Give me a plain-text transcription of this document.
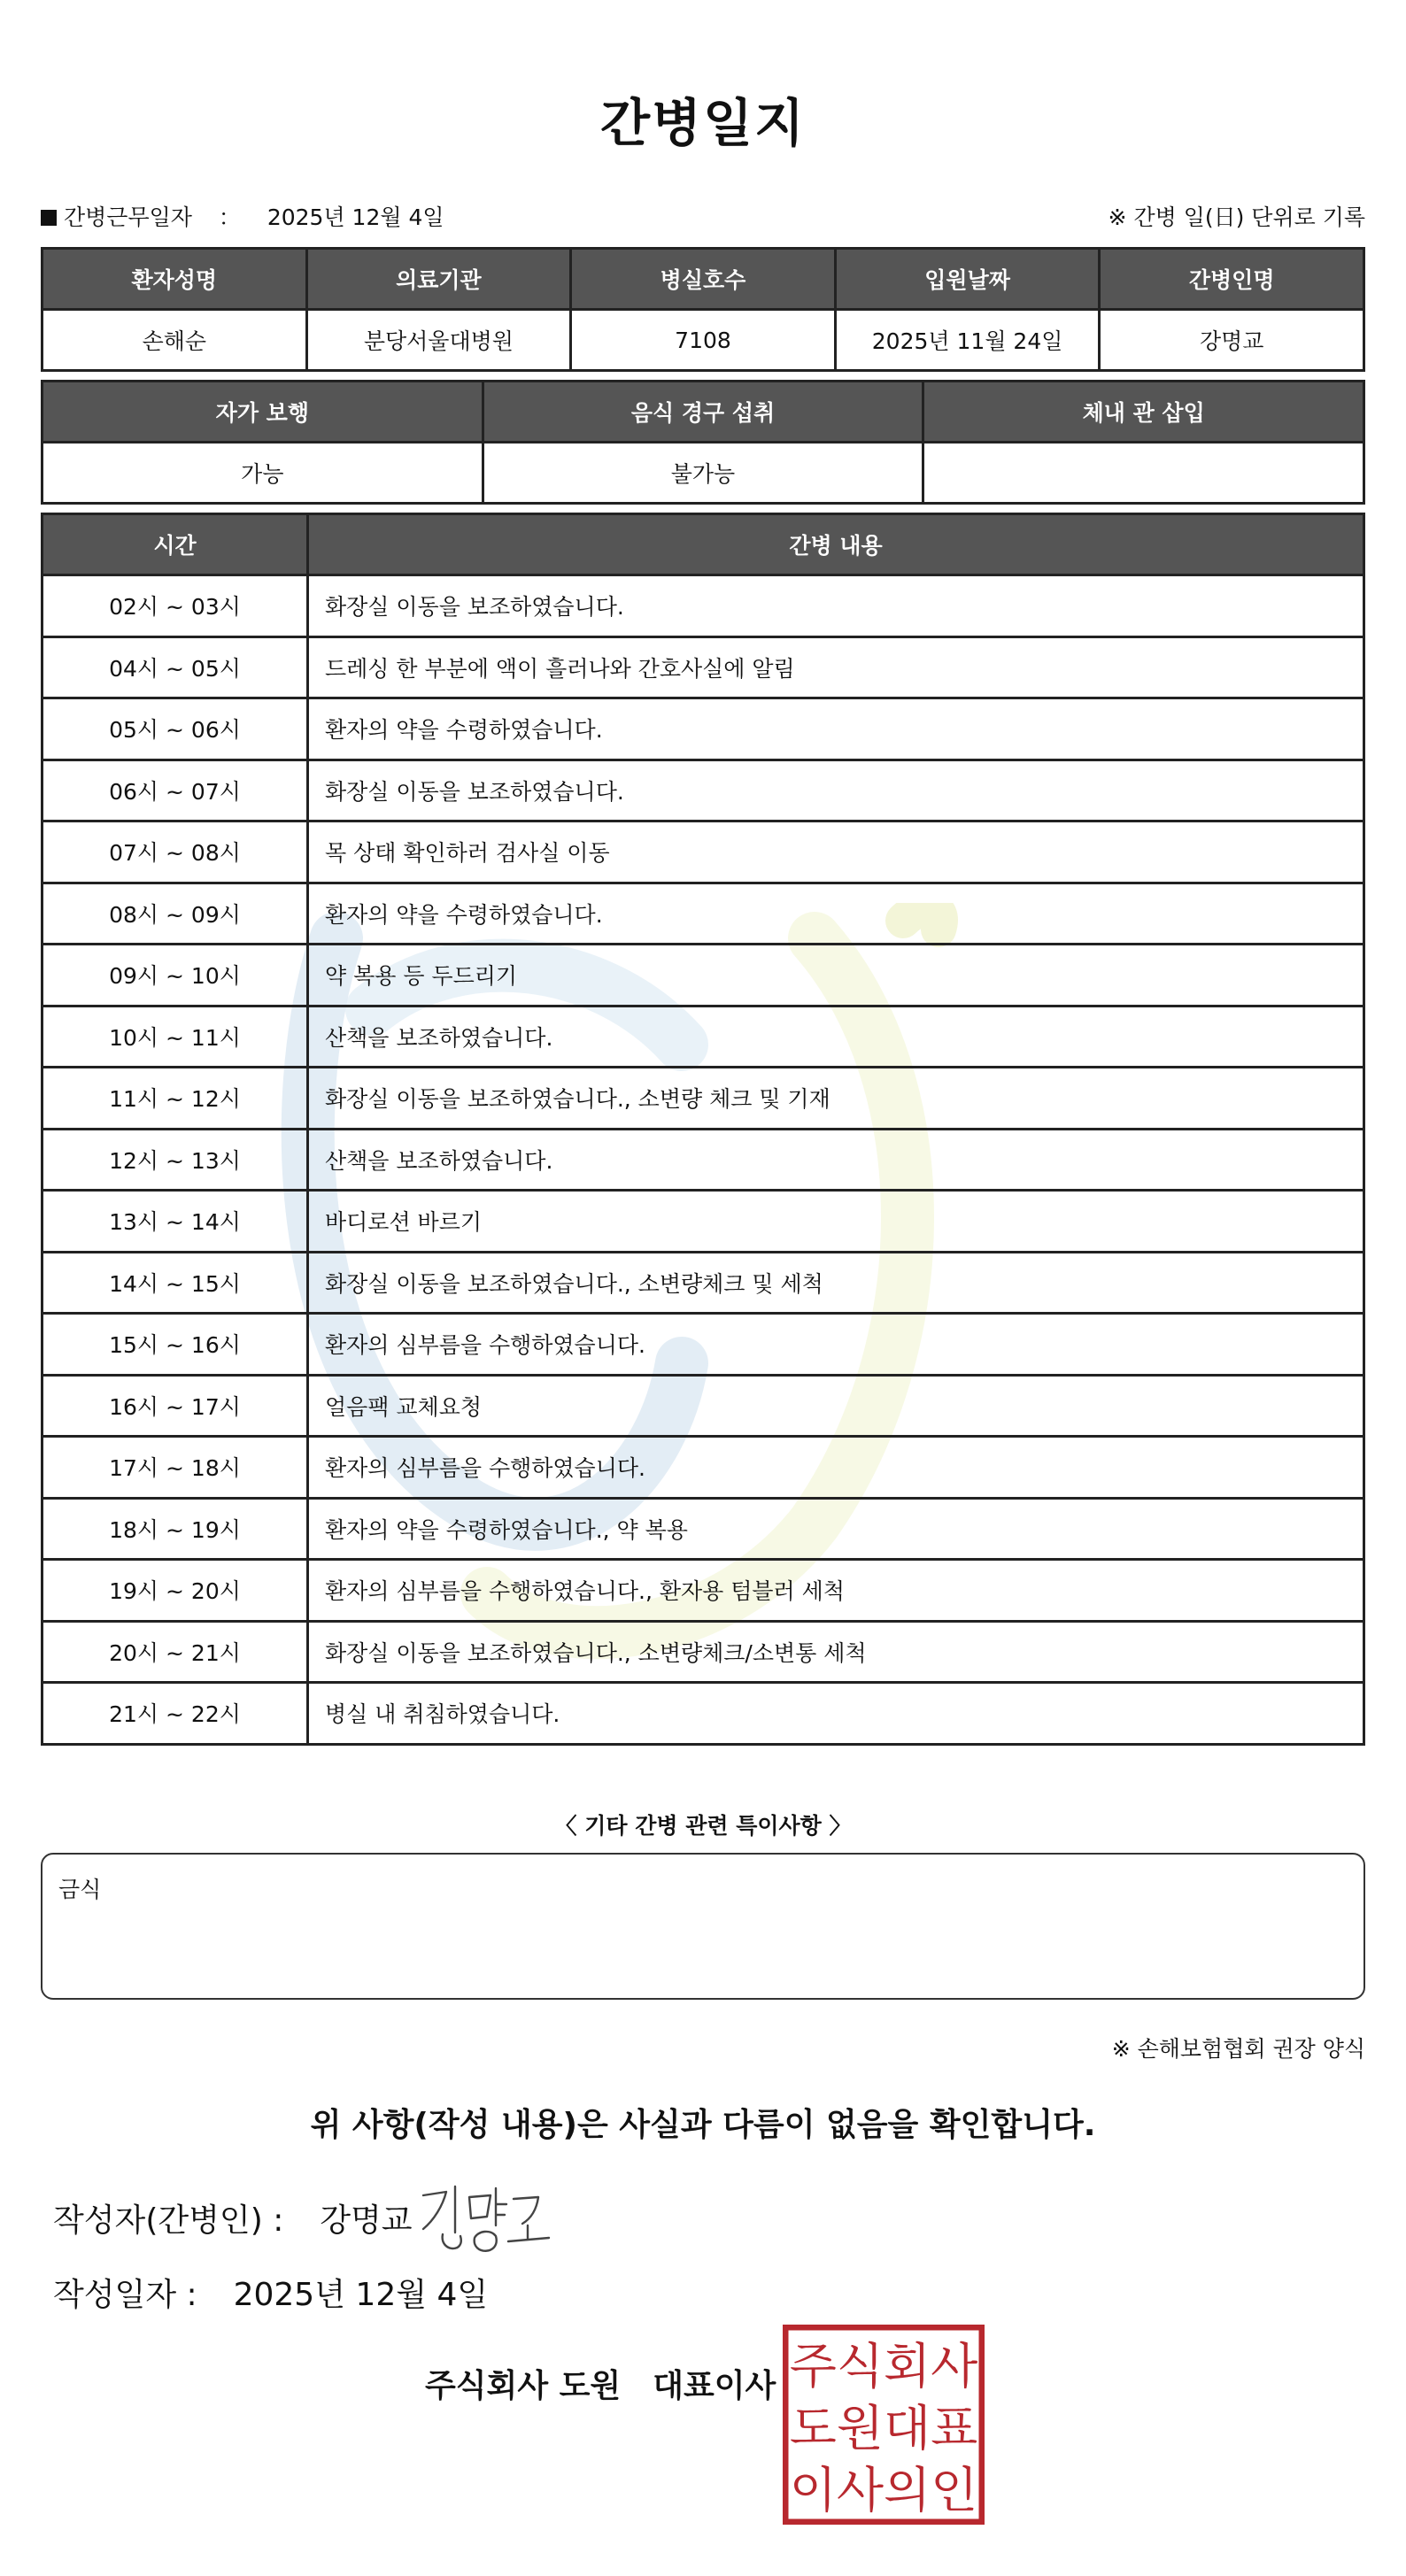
간병일지
간병근무일자 ： 2025년 12월 4일	※ 간병 일(日) 단위로 기록
환자성명	의료기관	병실호수	입원날짜	간병인명
손해순	분당서울대병원	7108	2025년 11월 24일	강명교
자가 보행	음식 경구 섭취	체내 관 삽입
가능	불가능	
시간	간병 내용
02시 ~ 03시	화장실 이동을 보조하였습니다.
04시 ~ 05시	드레싱 한 부분에 액이 흘러나와 간호사실에 알림
05시 ~ 06시	환자의 약을 수령하였습니다.
06시 ~ 07시	화장실 이동을 보조하였습니다.
07시 ~ 08시	목 상태 확인하러 검사실 이동
08시 ~ 09시	환자의 약을 수령하였습니다.
09시 ~ 10시	약 복용 등 두드리기
10시 ~ 11시	산책을 보조하였습니다.
11시 ~ 12시	화장실 이동을 보조하였습니다., 소변량 체크 및 기재
12시 ~ 13시	산책을 보조하였습니다.
13시 ~ 14시	바디로션 바르기
14시 ~ 15시	화장실 이동을 보조하였습니다., 소변량체크 및 세척
15시 ~ 16시	환자의 심부름을 수행하였습니다.
16시 ~ 17시	얼음팩 교체요청
17시 ~ 18시	환자의 심부름을 수행하였습니다.
18시 ~ 19시	환자의 약을 수령하였습니다., 약 복용
19시 ~ 20시	환자의 심부름을 수행하였습니다., 환자용 텀블러 세척
20시 ~ 21시	화장실 이동을 보조하였습니다., 소변량체크/소변통 세척
21시 ~ 22시	병실 내 취침하였습니다.
〈 기타 간병 관련 특이사항 〉
금식
※ 손해보험협회 권장 양식
위 사항(작성 내용)은 사실과 다름이 없음을 확인합니다.
작성자(간병인) : 강명교
작성일자 : 2025년 12월 4일
주식회사 도원 대표이사 주식회사
도원대표
이사의인
